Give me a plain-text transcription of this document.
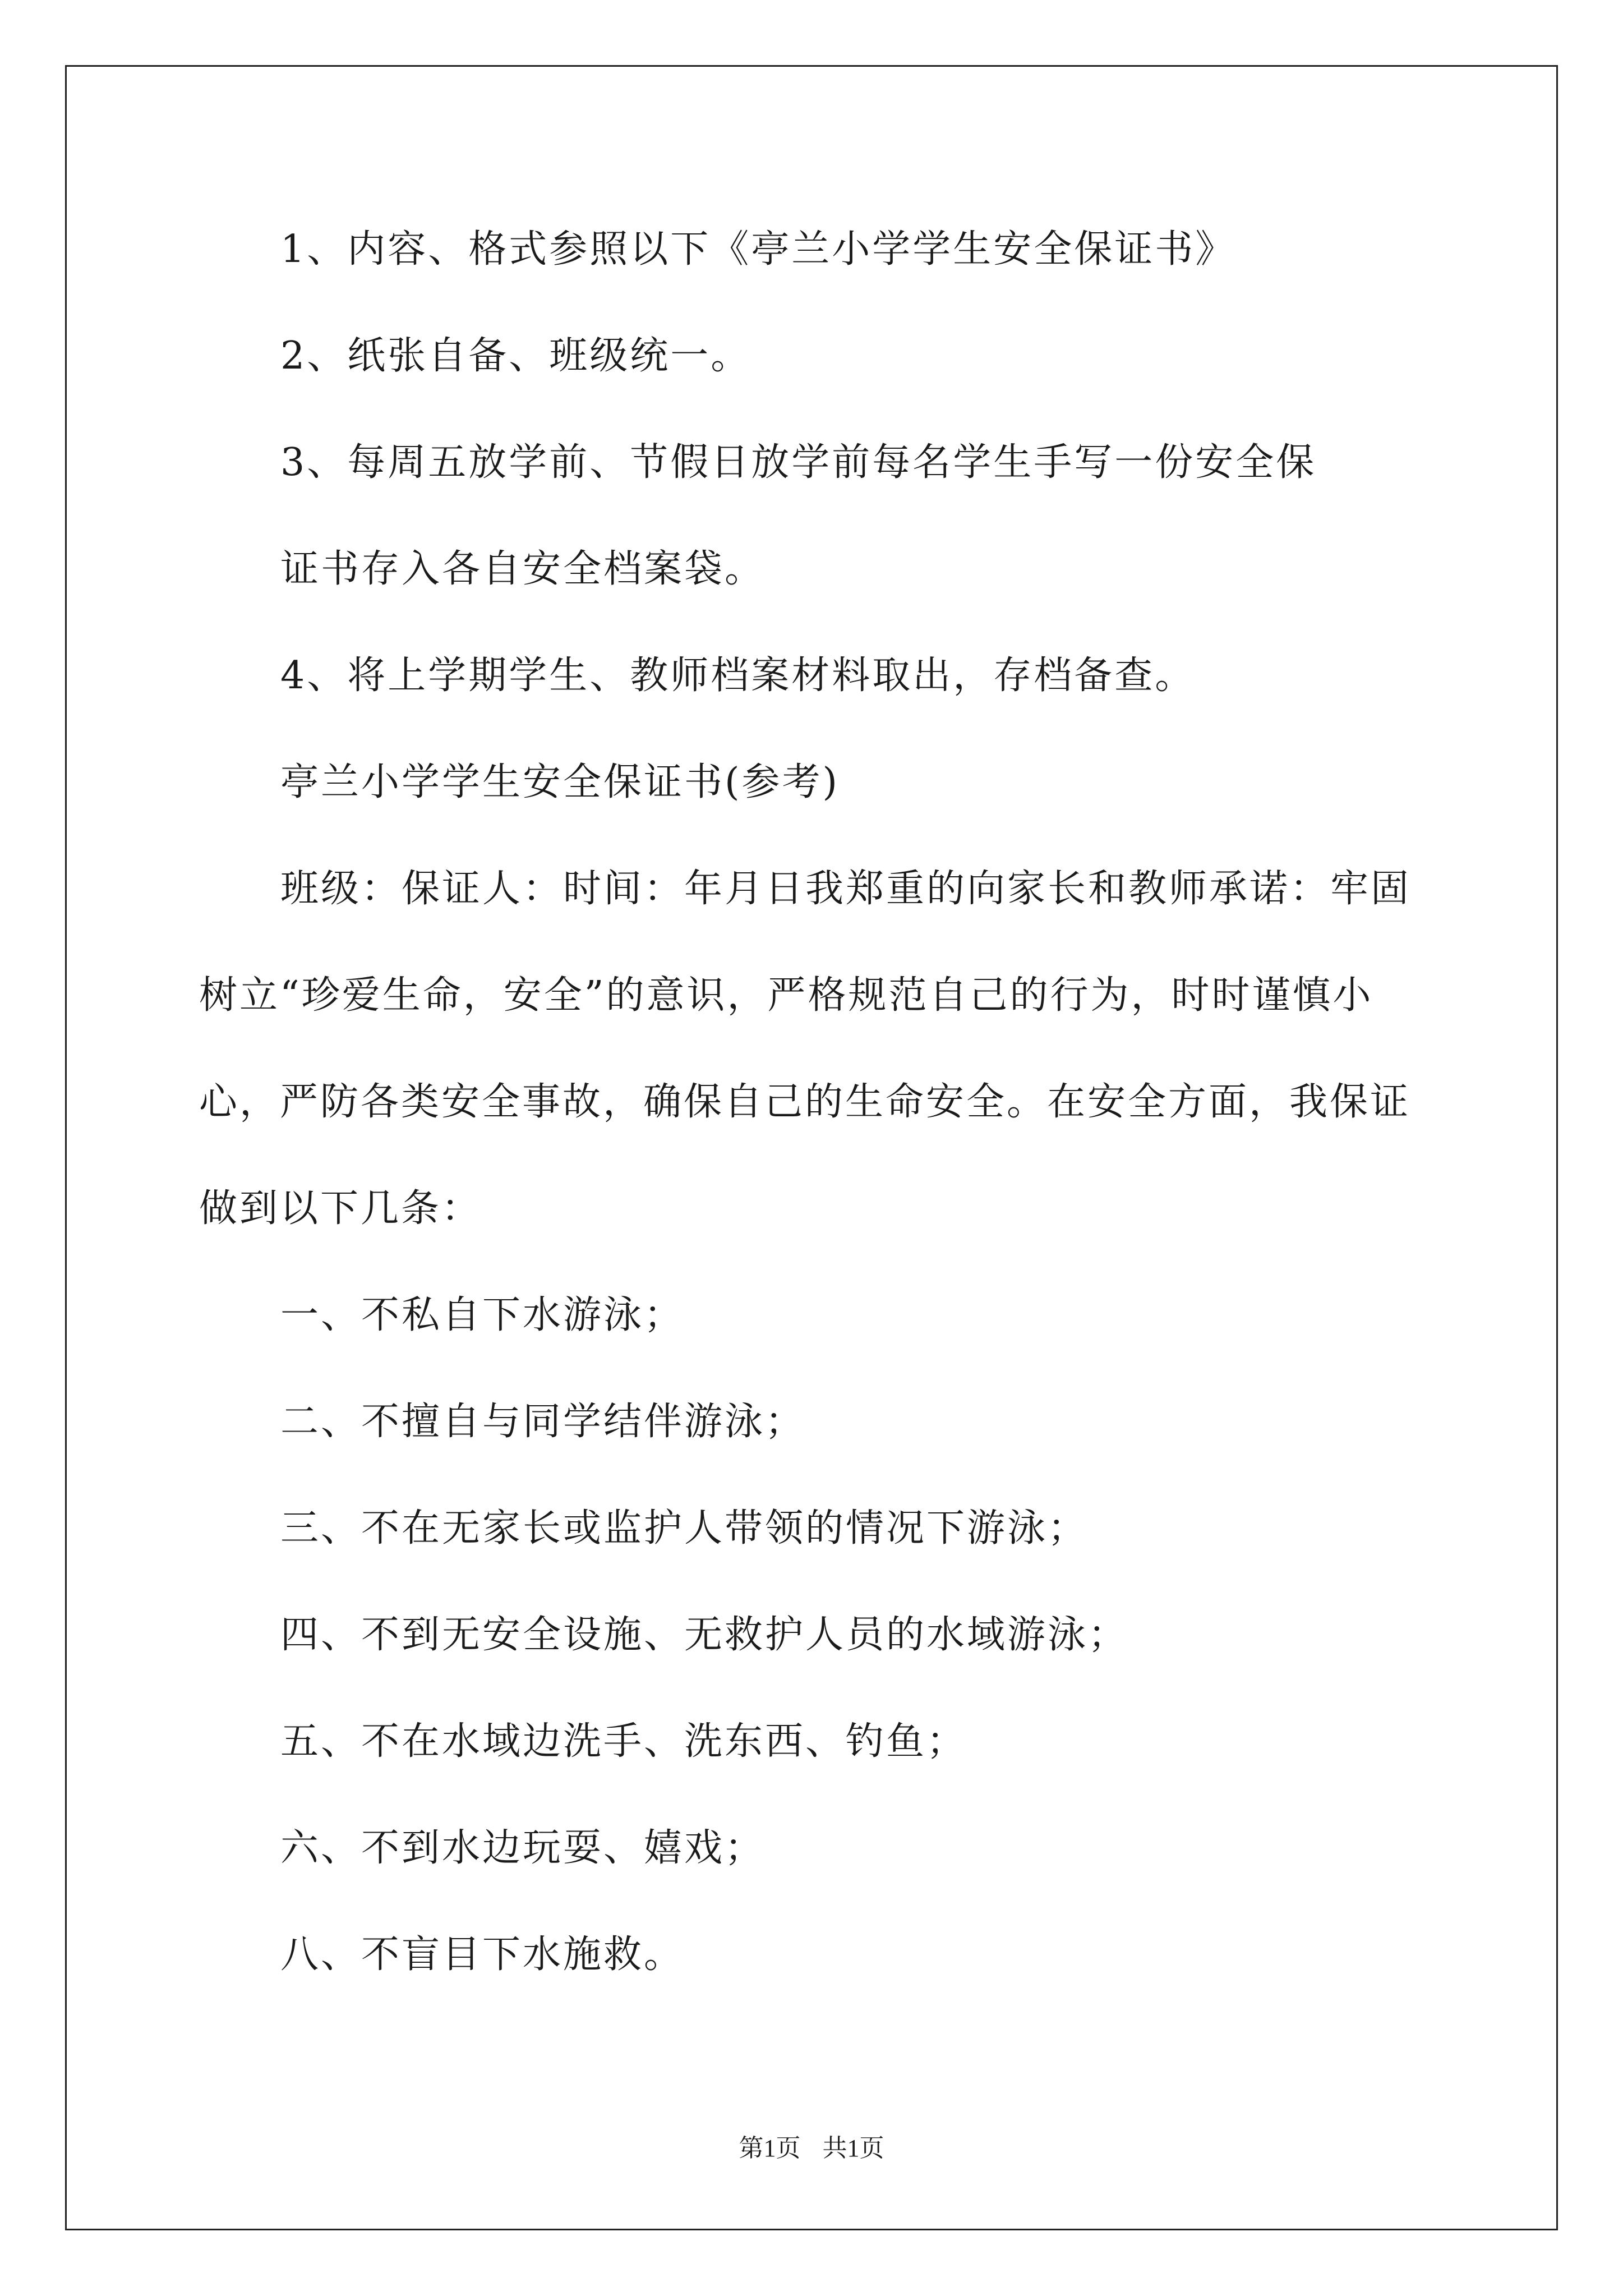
1、内容、格式参照以下《亭兰小学学生安全保证书》
2、纸张自备、班级统一。
3、每周五放学前、节假日放学前每名学生手写一份安全保
证书存入各自安全档案袋。
4、将上学期学生、教师档案材料取出，存档备查。
亭兰小学学生安全保证书(参考)
班级：保证人：时间：年月日我郑重的向家长和教师承诺：牢固
树立“珍爱生命，安全”的意识，严格规范自己的行为，时时谨慎小
心，严防各类安全事故，确保自己的生命安全。在安全方面，我保证
做到以下几条：
一、不私自下水游泳；
二、不擅自与同学结伴游泳；
三、不在无家长或监护人带领的情况下游泳；
四、不到无安全设施、无救护人员的水域游泳；
五、不在水域边洗手、洗东西、钓鱼；
六、不到水边玩耍、嬉戏；
八、不盲目下水施救。
第1页 共1页
